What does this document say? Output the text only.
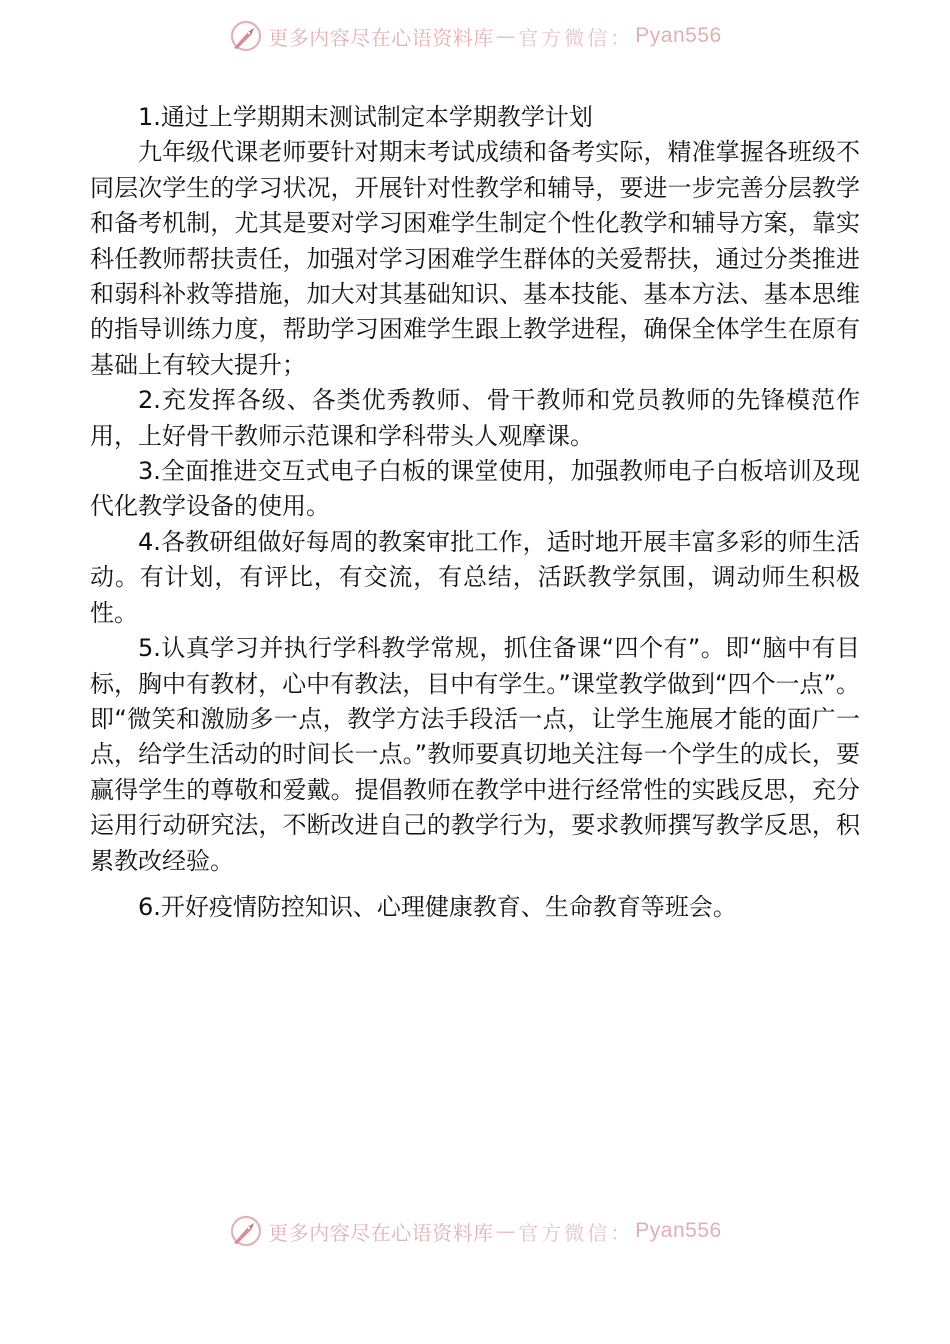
更多内容尽在心语资料库 — 官方微信： Pyan556

1.通过上学期期末测试制定本学期教学计划

九年级代课老师要针对期末考试成绩和备考实际，精准掌握各班级不同层次学生的学习状况，开展针对性教学和辅导，要进一步完善分层教学和备考机制，尤其是要对学习困难学生制定个性化教学和辅导方案，靠实科任教师帮扶责任，加强对学习困难学生群体的关爱帮扶，通过分类推进和弱科补救等措施，加大对其基础知识、基本技能、基本方法、基本思维的指导训练力度，帮助学习困难学生跟上教学进程，确保全体学生在原有基础上有较大提升；

2.充发挥各级、各类优秀教师、骨干教师和党员教师的先锋模范作用，上好骨干教师示范课和学科带头人观摩课。

3.全面推进交互式电子白板的课堂使用，加强教师电子白板培训及现代化教学设备的使用。

4.各教研组做好每周的教案审批工作，适时地开展丰富多彩的师生活动。有计划，有评比，有交流，有总结，活跃教学氛围，调动师生积极性。

5.认真学习并执行学科教学常规，抓住备课“四个有”。即“脑中有目标，胸中有教材，心中有教法，目中有学生。”课堂教学做到“四个一点”。即“微笑和激励多一点，教学方法手段活一点，让学生施展才能的面广一点，给学生活动的时间长一点。”教师要真切地关注每一个学生的成长，要赢得学生的尊敬和爱戴。提倡教师在教学中进行经常性的实践反思，充分运用行动研究法，不断改进自己的教学行为，要求教师撰写教学反思，积累教改经验。

6.开好疫情防控知识、心理健康教育、生命教育等班会。

更多内容尽在心语资料库 — 官方微信： Pyan556
